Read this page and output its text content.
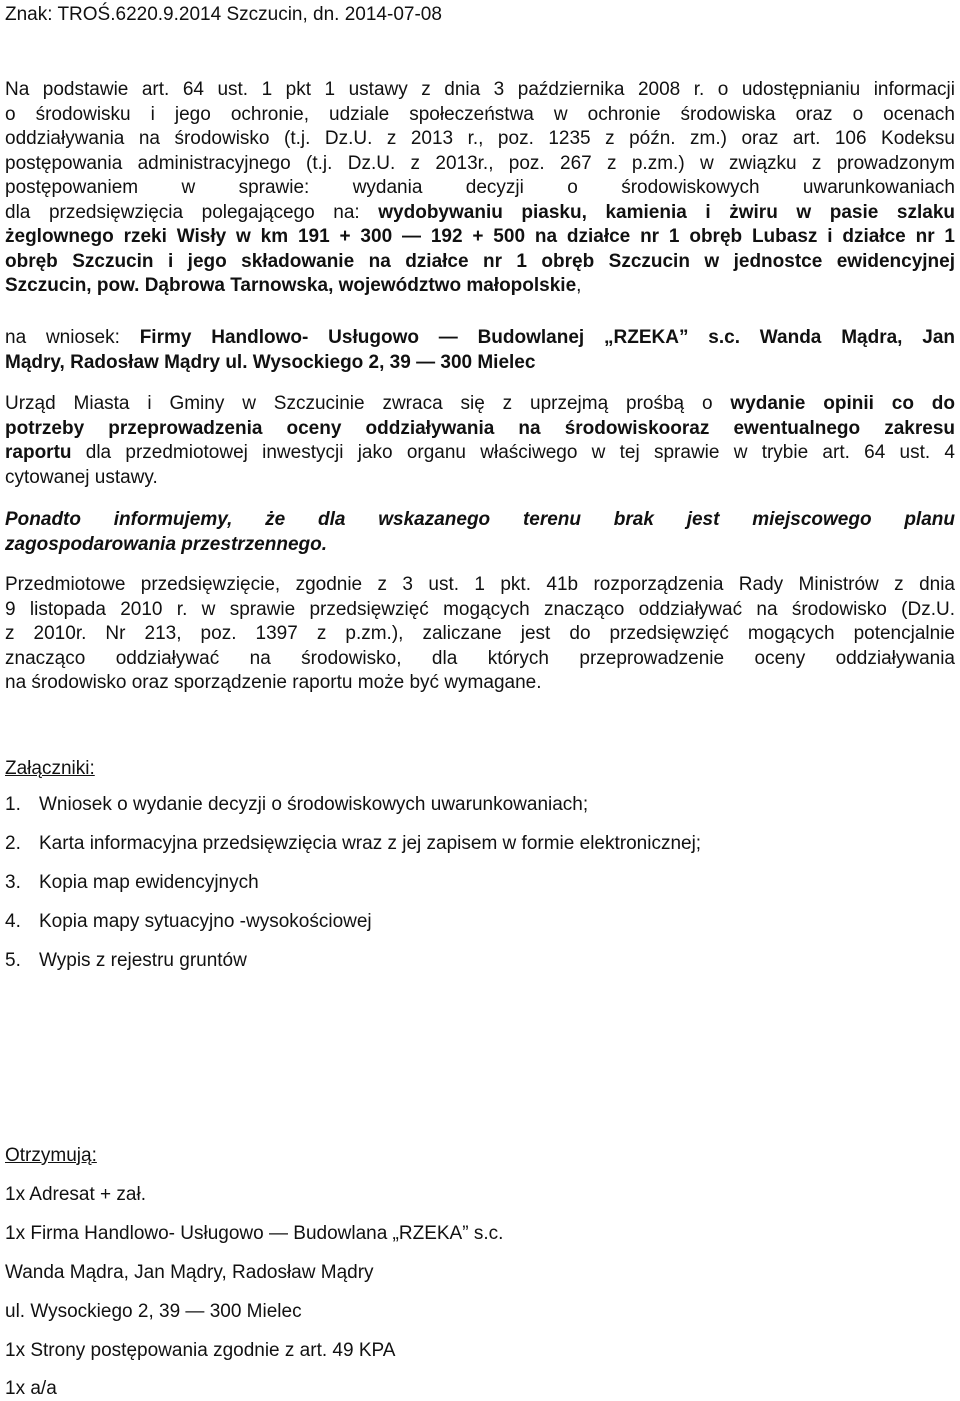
Znak: TROŚ.6220.9.2014 Szczucin, dn. 2014-07-08
Na podstawie art. 64 ust. 1 pkt 1 ustawy z dnia 3 października 2008 r. o udostępnianiu informacji
o środowisku i jego ochronie, udziale społeczeństwa w ochronie środowiska oraz o ocenach
oddziaływania na środowisko (t.j. Dz.U. z 2013 r., poz. 1235 z późn. zm.) oraz art. 106 Kodeksu
postępowania administracyjnego (t.j. Dz.U. z 2013r., poz. 267 z p.zm.) w związku z prowadzonym
postępowaniem w sprawie: wydania decyzji o środowiskowych uwarunkowaniach
dla przedsięwzięcia polegającego na: wydobywaniu piasku, kamienia i żwiru w pasie szlaku
żeglownego rzeki Wisły w km 191 + 300 — 192 + 500 na działce nr 1 obręb Lubasz i działce nr 1
obręb Szczucin i jego składowanie na działce nr 1 obręb Szczucin w jednostce ewidencyjnej
Szczucin, pow. Dąbrowa Tarnowska, województwo małopolskie,
na wniosek: Firmy Handlowo- Usługowo — Budowlanej „RZEKA” s.c. Wanda Mądra, Jan
Mądry, Radosław Mądry ul. Wysockiego 2, 39 — 300 Mielec
Urząd Miasta i Gminy w Szczucinie zwraca się z uprzejmą prośbą o wydanie opinii co do
potrzeby przeprowadzenia oceny oddziaływania na środowiskooraz ewentualnego zakresu
raportu dla przedmiotowej inwestycji jako organu właściwego w tej sprawie w trybie art. 64 ust. 4
cytowanej ustawy.
Ponadto informujemy, że dla wskazanego terenu brak jest miejscowego planu
zagospodarowania przestrzennego.
Przedmiotowe przedsięwzięcie, zgodnie z 3 ust. 1 pkt. 41b rozporządzenia Rady Ministrów z dnia
9 listopada 2010 r. w sprawie przedsięwzięć mogących znacząco oddziaływać na środowisko (Dz.U.
z 2010r. Nr 213, poz. 1397 z p.zm.), zaliczane jest do przedsięwzięć mogących potencjalnie
znacząco oddziaływać na środowisko, dla których przeprowadzenie oceny oddziaływania
na środowisko oraz sporządzenie raportu może być wymagane.
Załączniki:
1. Wniosek o wydanie decyzji o środowiskowych uwarunkowaniach;
2. Karta informacyjna przedsięwzięcia wraz z jej zapisem w formie elektronicznej;
3. Kopia map ewidencyjnych
4. Kopia mapy sytuacyjno -wysokościowej
5. Wypis z rejestru gruntów
Otrzymują:
1x Adresat + zał.
1x Firma Handlowo- Usługowo — Budowlana „RZEKA” s.c.
Wanda Mądra, Jan Mądry, Radosław Mądry
ul. Wysockiego 2, 39 — 300 Mielec
1x Strony postępowania zgodnie z art. 49 KPA
1x a/a
